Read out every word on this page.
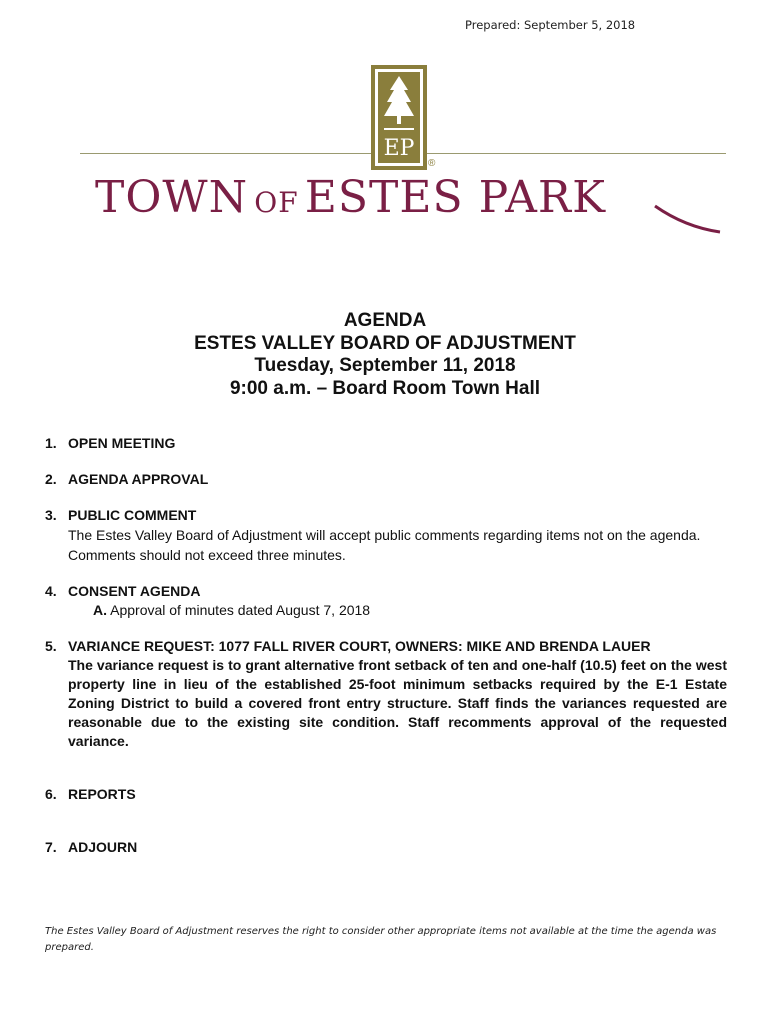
Prepared: September 5, 2018
EP
®
TOWN OF ESTES PARK
AGENDA
ESTES VALLEY BOARD OF ADJUSTMENT
Tuesday, September 11, 2018
9:00 a.m. – Board Room Town Hall
1. OPEN MEETING
2. AGENDA APPROVAL
3. PUBLIC COMMENT
The Estes Valley Board of Adjustment will accept public comments regarding items not on the agenda. Comments should not exceed three minutes.
4. CONSENT AGENDA
A. Approval of minutes dated August 7, 2018
5. VARIANCE REQUEST: 1077 FALL RIVER COURT, OWNERS: MIKE AND BRENDA LAUER
The variance request is to grant alternative front setback of ten and one-half (10.5) feet on the west property line in lieu of the established 25-foot minimum setbacks required by the E-1 Estate Zoning District to build a covered front entry structure. Staff finds the variances requested are reasonable due to the existing site condition. Staff recomments approval of the requested variance.
6. REPORTS
7. ADJOURN
The Estes Valley Board of Adjustment reserves the right to consider other appropriate items not available at the time the agenda was prepared.
